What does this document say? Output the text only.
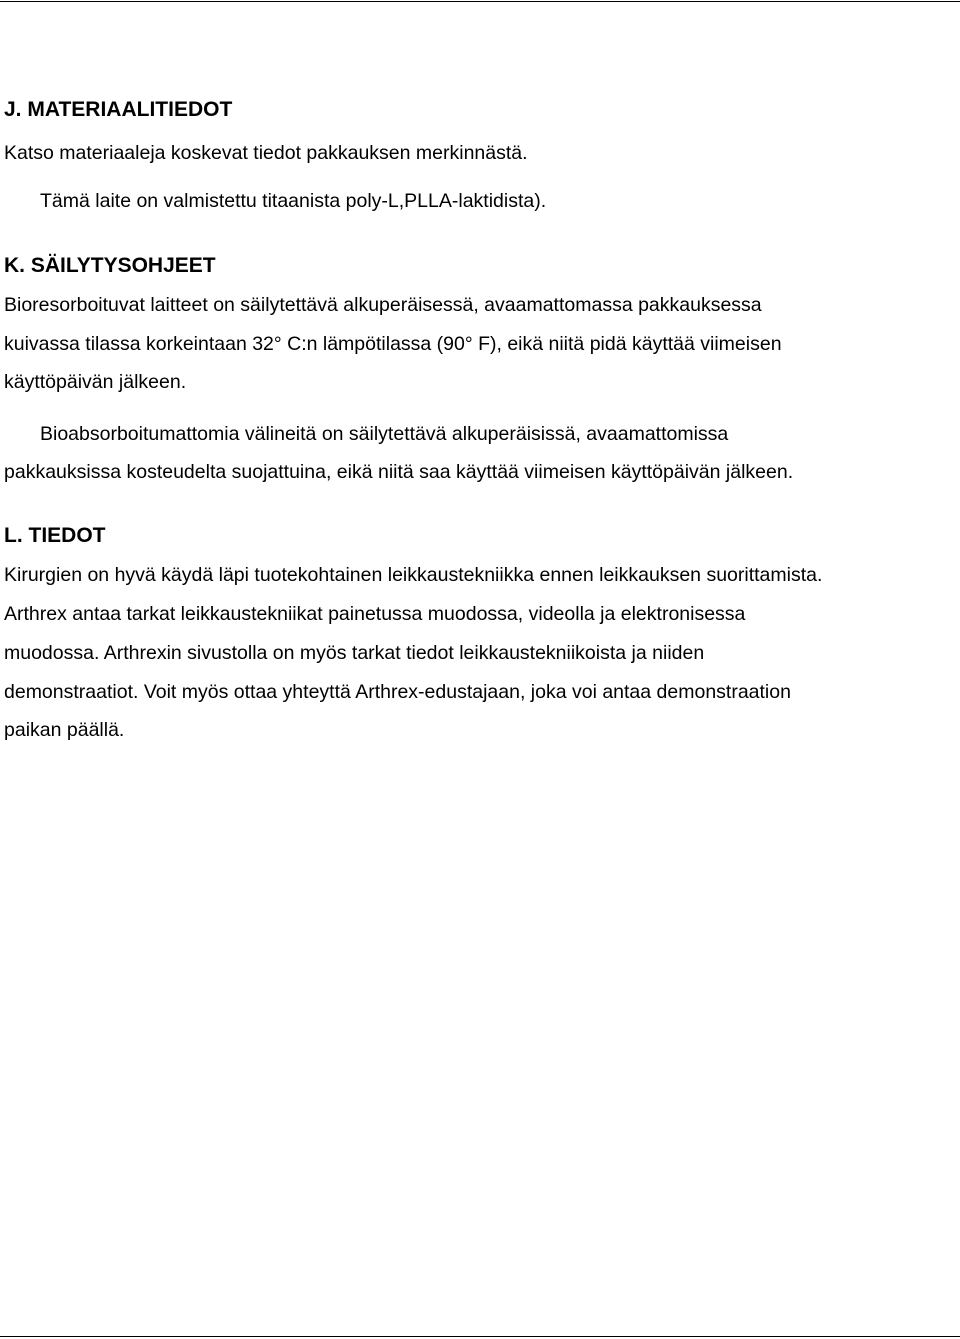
J. MATERIAALITIEDOT
Katso materiaaleja koskevat tiedot pakkauksen merkinnästä.
Tämä laite on valmistettu titaanista poly-L,PLLA-laktidista).
K. SÄILYTYSOHJEET
Bioresorboituvat laitteet on säilytettävä alkuperäisessä, avaamattomassa pakkauksessa
kuivassa tilassa korkeintaan 32° C:n lämpötilassa (90° F), eikä niitä pidä käyttää viimeisen
käyttöpäivän jälkeen.
Bioabsorboitumattomia välineitä on säilytettävä alkuperäisissä, avaamattomissa
pakkauksissa kosteudelta suojattuina, eikä niitä saa käyttää viimeisen käyttöpäivän jälkeen.
L. TIEDOT
Kirurgien on hyvä käydä läpi tuotekohtainen leikkaustekniikka ennen leikkauksen suorittamista.
Arthrex antaa tarkat leikkaustekniikat painetussa muodossa, videolla ja elektronisessa
muodossa. Arthrexin sivustolla on myös tarkat tiedot leikkaustekniikoista ja niiden
demonstraatiot. Voit myös ottaa yhteyttä Arthrex-edustajaan, joka voi antaa demonstraation
paikan päällä.
